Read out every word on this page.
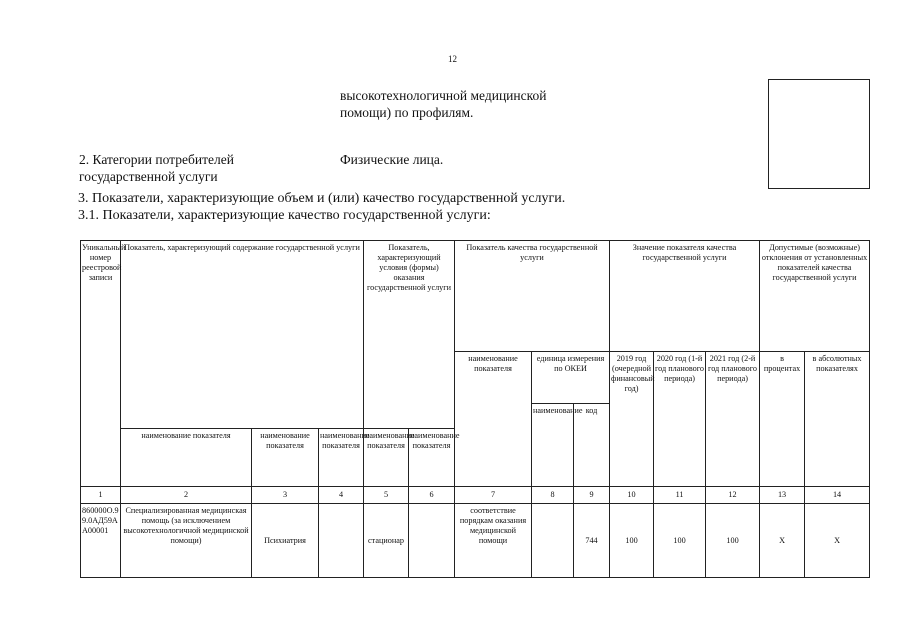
12
высокотехнологичной медицинской
помощи) по профилям.
2. Категории потребителей
государственной услуги
Физические лица.
3. Показатели, характеризующие объем и (или) качество государственной услуги.
3.1. Показатели, характеризующие качество государственной услуги:
Уникальный номер реестровой записи	Показатель, характеризующий содержание государственной услуги			Показатель, характеризующий условия (формы) оказания государственной услуги		Показатель качества государственной услуги			Значение показателя качества государственной услуги			Допустимые (возможные) отклонения от установленных показателей качества государственной услуги	
						наименование показателя	единица измерения по ОКЕИ		2019 год (очередной финансовый год)	2020 год (1-й год планового периода)	2021 год (2-й год планового периода)	в процентах	в абсолютных показателях
							наименование	код					
	наименование показателя	наименование показателя	наименование показателя	наименование показателя	наименование показателя								
1	2	3	4	5	6	7	8	9	10	11	12	13	14
860000О.99.0АД59АА00001	Специализированная медицинская помощь (за исключением высокотехнологичной медицинской помощи)	Психиатрия		стационар		соответствие порядкам оказания медицинской помощи		744	100	100	100	Х	Х
